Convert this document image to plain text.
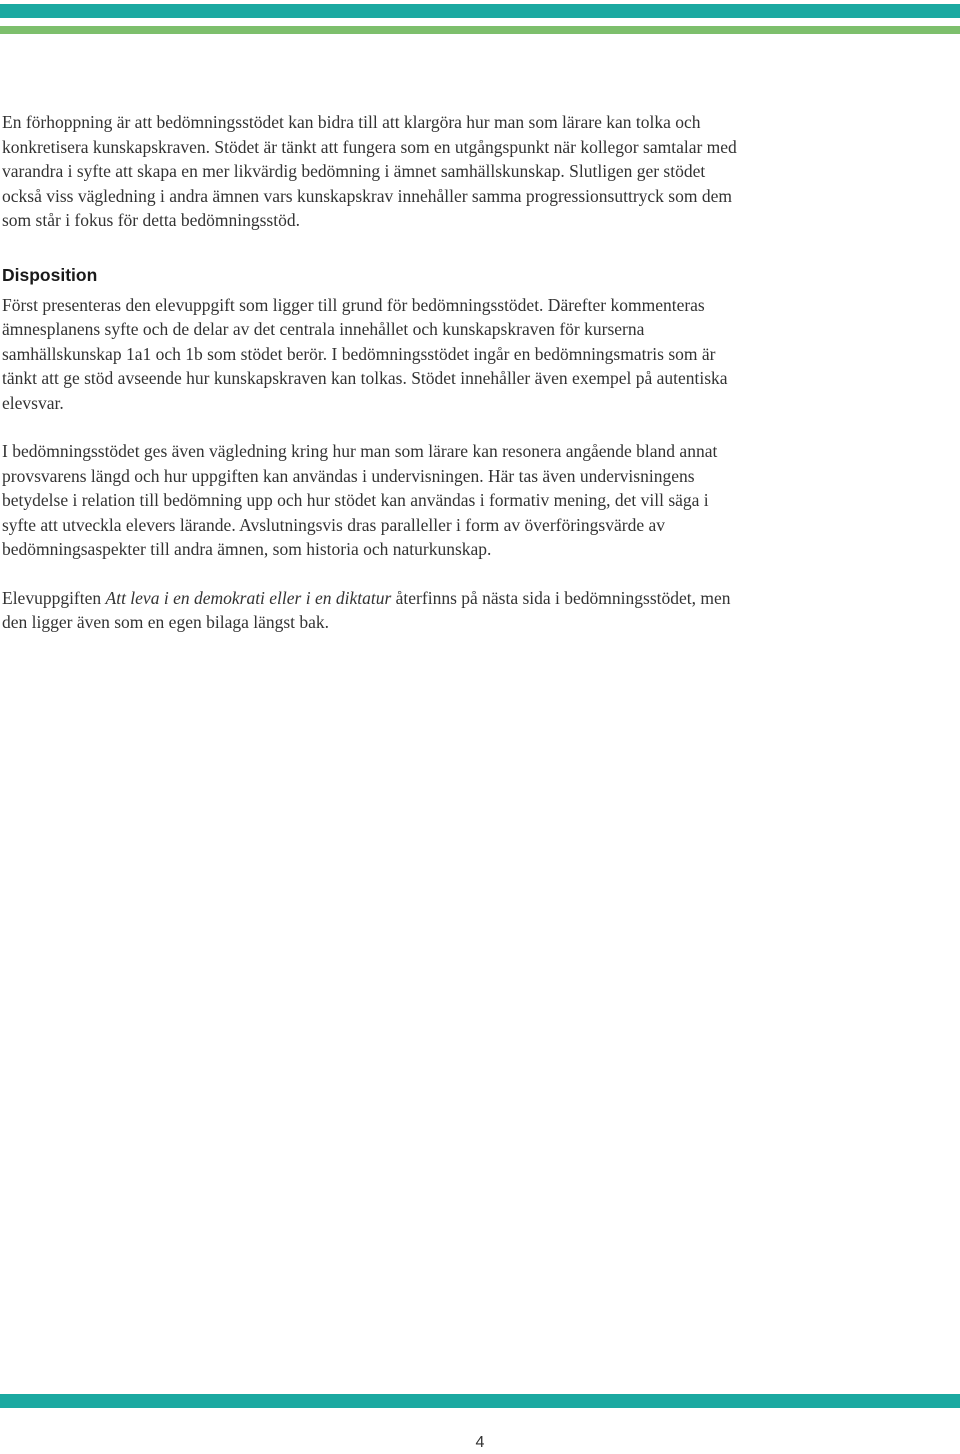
En förhoppning är att bedömningsstödet kan bidra till att klargöra hur man som lärare kan tolka och konkretisera kunskapskraven. Stödet är tänkt att fungera som en utgångspunkt när kollegor samtalar med varandra i syfte att skapa en mer likvärdig bedömning i ämnet samhällskunskap. Slutligen ger stödet också viss vägledning i andra ämnen vars kunskapskrav innehåller samma progressionsuttryck som dem som står i fokus för detta bedömningsstöd.

Disposition

Först presenteras den elevuppgift som ligger till grund för bedömningsstödet. Därefter kommenteras ämnesplanens syfte och de delar av det centrala innehållet och kunskapskraven för kurserna samhällskunskap 1a1 och 1b som stödet berör. I bedömningsstödet ingår en bedömningsmatris som är tänkt att ge stöd avseende hur kunskapskraven kan tolkas. Stödet innehåller även exempel på autentiska elevsvar.

I bedömningsstödet ges även vägledning kring hur man som lärare kan resonera angående bland annat provsvarens längd och hur uppgiften kan användas i undervisningen. Här tas även undervisningens betydelse i relation till bedömning upp och hur stödet kan användas i formativ mening, det vill säga i syfte att utveckla elevers lärande. Avslutningsvis dras paralleller i form av överföringsvärde av bedömningsaspekter till andra ämnen, som historia och naturkunskap.

Elevuppgiften Att leva i en demokrati eller i en diktatur återfinns på nästa sida i bedömningsstödet, men den ligger även som en egen bilaga längst bak.

4
